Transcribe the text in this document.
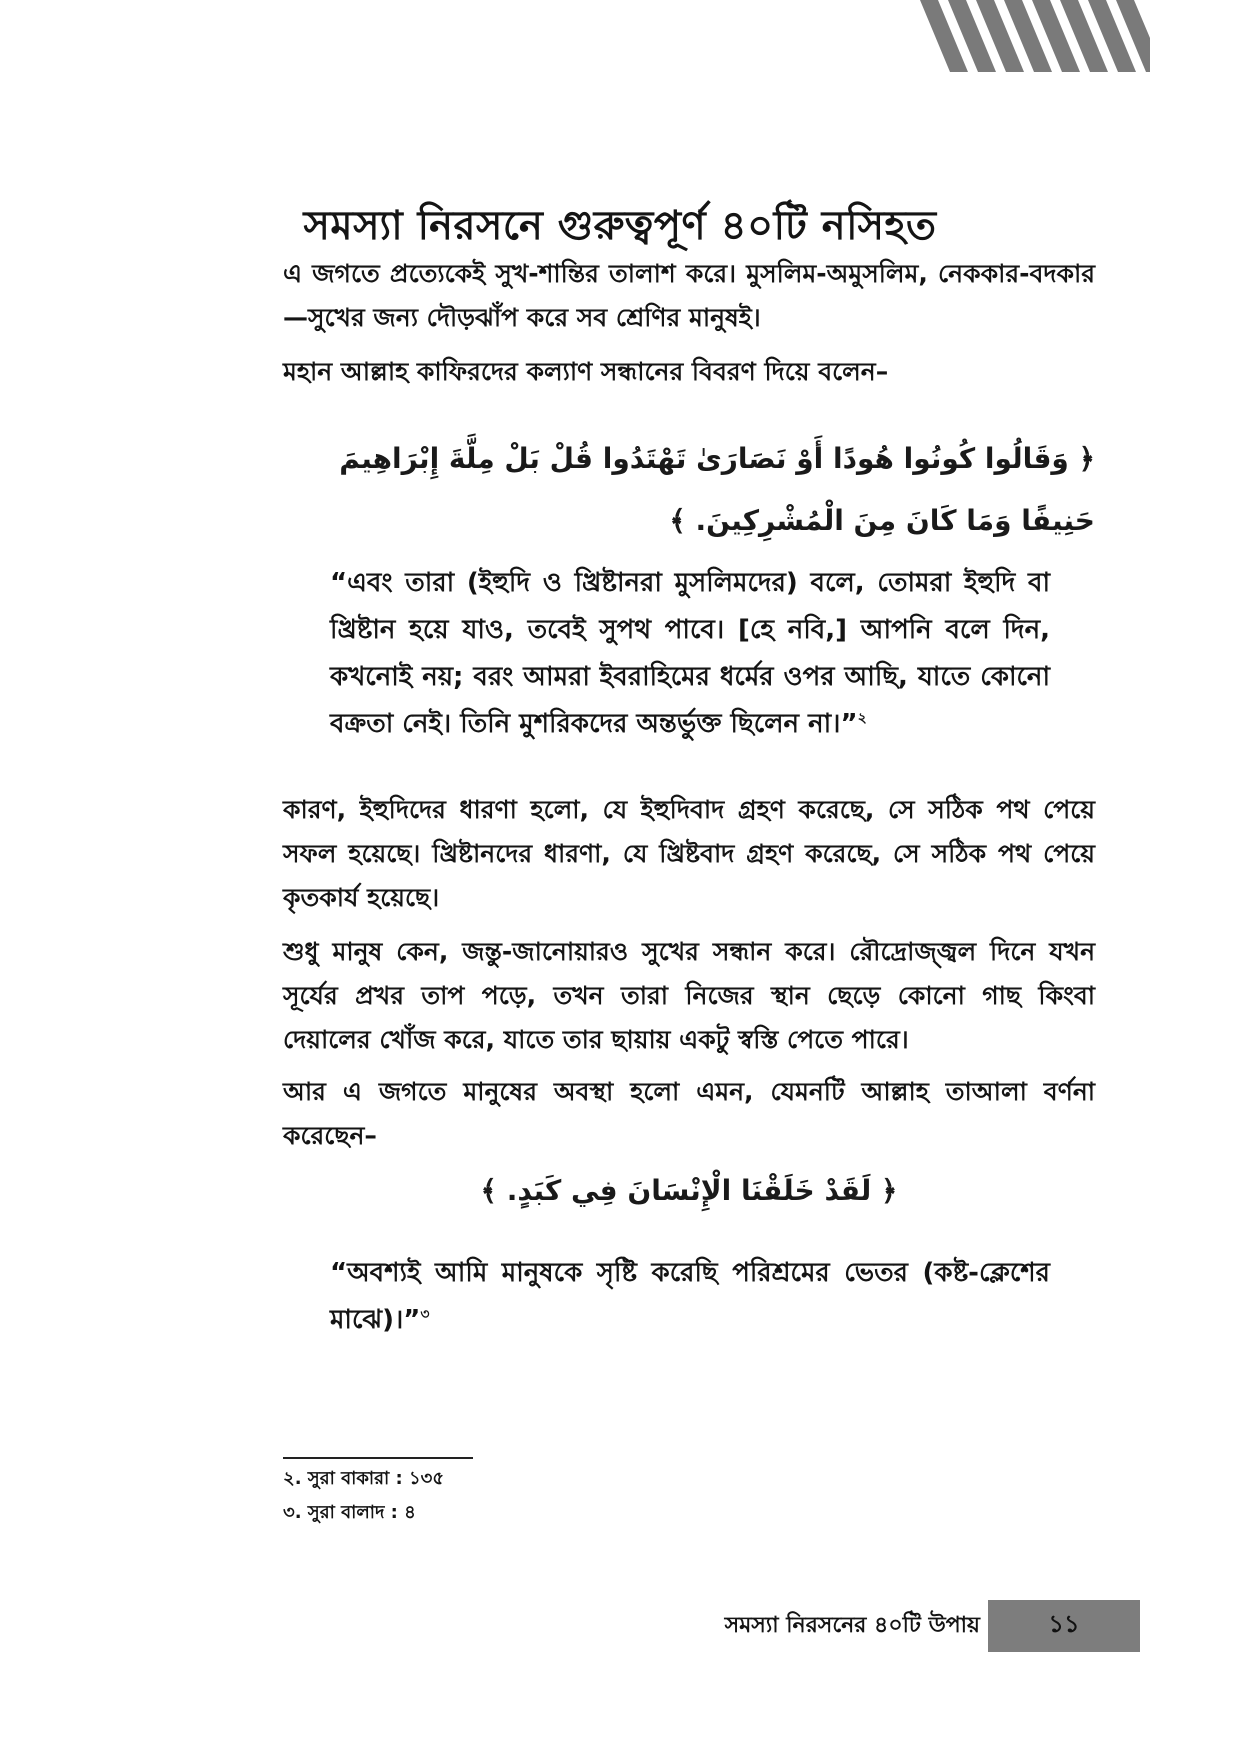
সমস্যা নিরসনে গুরুত্বপূর্ণ ৪০টি নসিহত

এ জগতে প্রত্যেকেই সুখ-শান্তির তালাশ করে। মুসলিম-অমুসলিম, নেককার-বদকার—সুখের জন্য দৌড়ঝাঁপ করে সব শ্রেণির মানুষই।

মহান আল্লাহ কাফিরদের কল্যাণ সন্ধানের বিবরণ দিয়ে বলেন–

﴿ وَقَالُوا كُونُوا هُودًا أَوْ نَصَارَىٰ تَهْتَدُوا قُلْ بَلْ مِلَّةَ إِبْرَاهِيمَ حَنِيفًا وَمَا كَانَ مِنَ الْمُشْرِكِينَ. ﴾

“এবং তারা (ইহুদি ও খ্রিষ্টানরা মুসলিমদের) বলে, তোমরা ইহুদি বা খ্রিষ্টান হয়ে যাও, তবেই সুপথ পাবে। [হে নবি,] আপনি বলে দিন, কখনোই নয়; বরং আমরা ইবরাহিমের ধর্মের ওপর আছি, যাতে কোনো বক্রতা নেই। তিনি মুশরিকদের অন্তর্ভুক্ত ছিলেন না।”$^২$

কারণ, ইহুদিদের ধারণা হলো, যে ইহুদিবাদ গ্রহণ করেছে, সে সঠিক পথ পেয়ে সফল হয়েছে। খ্রিষ্টানদের ধারণা, যে খ্রিষ্টবাদ গ্রহণ করেছে, সে সঠিক পথ পেয়ে কৃতকার্য হয়েছে।

শুধু মানুষ কেন, জন্তু-জানোয়ারও সুখের সন্ধান করে। রৌদ্রোজ্জ্বল দিনে যখন সূর্যের প্রখর তাপ পড়ে, তখন তারা নিজের স্থান ছেড়ে কোনো গাছ কিংবা দেয়ালের খোঁজ করে, যাতে তার ছায়ায় একটু স্বস্তি পেতে পারে।

আর এ জগতে মানুষের অবস্থা হলো এমন, যেমনটি আল্লাহ তাআলা বর্ণনা করেছেন–

﴿ لَقَدْ خَلَقْنَا الْإِنْسَانَ فِي كَبَدٍ. ﴾

“অবশ্যই আমি মানুষকে সৃষ্টি করেছি পরিশ্রমের ভেতর (কষ্ট-ক্লেশের মাঝে)।”$^৩$

২. সুরা বাকারা : ১৩৫
৩. সুরা বালাদ : ৪
সমস্যা নিরসনের ৪০টি উপায়	১১
